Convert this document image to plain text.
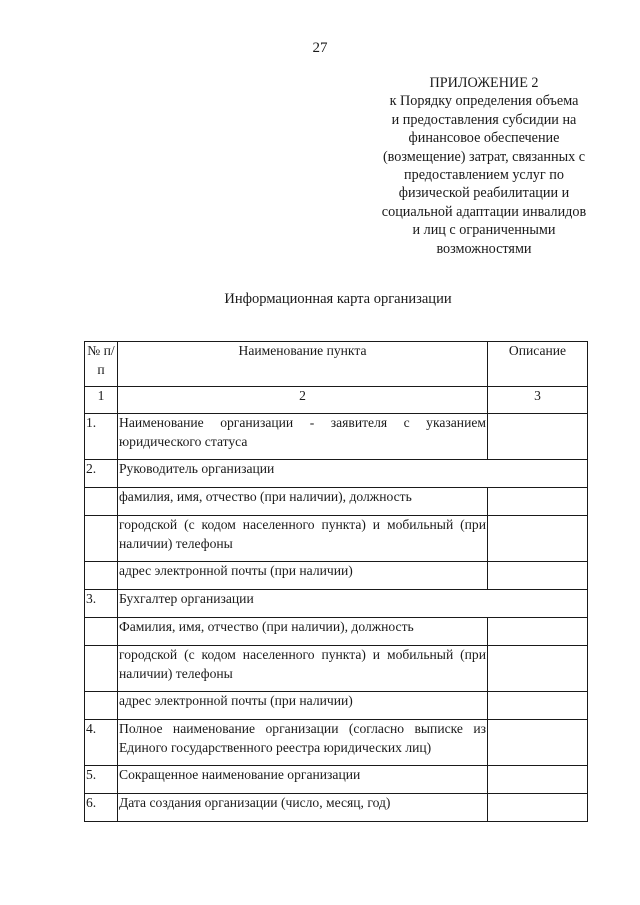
27
ПРИЛОЖЕНИЕ 2
к Порядку определения объема
и предоставления субсидии на
финансовое обеспечение
(возмещение) затрат, связанных с
предоставлением услуг по
физической реабилитации и
социальной адаптации инвалидов
и лиц с ограниченными
возможностями
Информационная карта организации
№ п/п	Наименование пункта	Описание
1	2	3
1.	Наименование организации - заявителя с указанием юридического статуса	
2.	Руководитель организации	
	фамилия, имя, отчество (при наличии), должность	
	городской (с кодом населенного пункта) и мобильный (при наличии) телефоны	
	адрес электронной почты (при наличии)	
3.	Бухгалтер организации	
	Фамилия, имя, отчество (при наличии), должность	
	городской (с кодом населенного пункта) и мобильный (при наличии) телефоны	
	адрес электронной почты (при наличии)	
4.	Полное наименование организации (согласно выписке из Единого государственного реестра юридических лиц)	
5.	Сокращенное наименование организации	
6.	Дата создания организации (число, месяц, год)	
